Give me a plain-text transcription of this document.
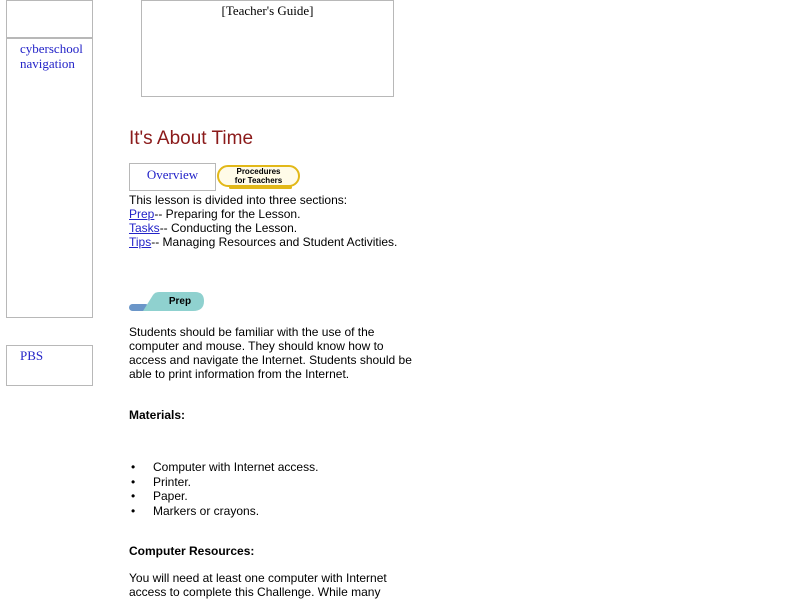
cyberschool navigation
PBS
[Teacher's Guide]
It's About Time
Overview	Procedures
for Teachers
This lesson is divided into three sections:
Prep-- Preparing for the Lesson.
Tasks-- Conducting the Lesson.
Tips-- Managing Resources and Student Activities.
Prep

Students should be familiar with the use of the computer and mouse. They should know how to access and navigate the Internet. Students should be able to print information from the Internet.

Materials:

• Computer with Internet access.
• Printer.
• Paper.
• Markers or crayons.

Computer Resources:

You will need at least one computer with Internet access to complete this Challenge. While many
